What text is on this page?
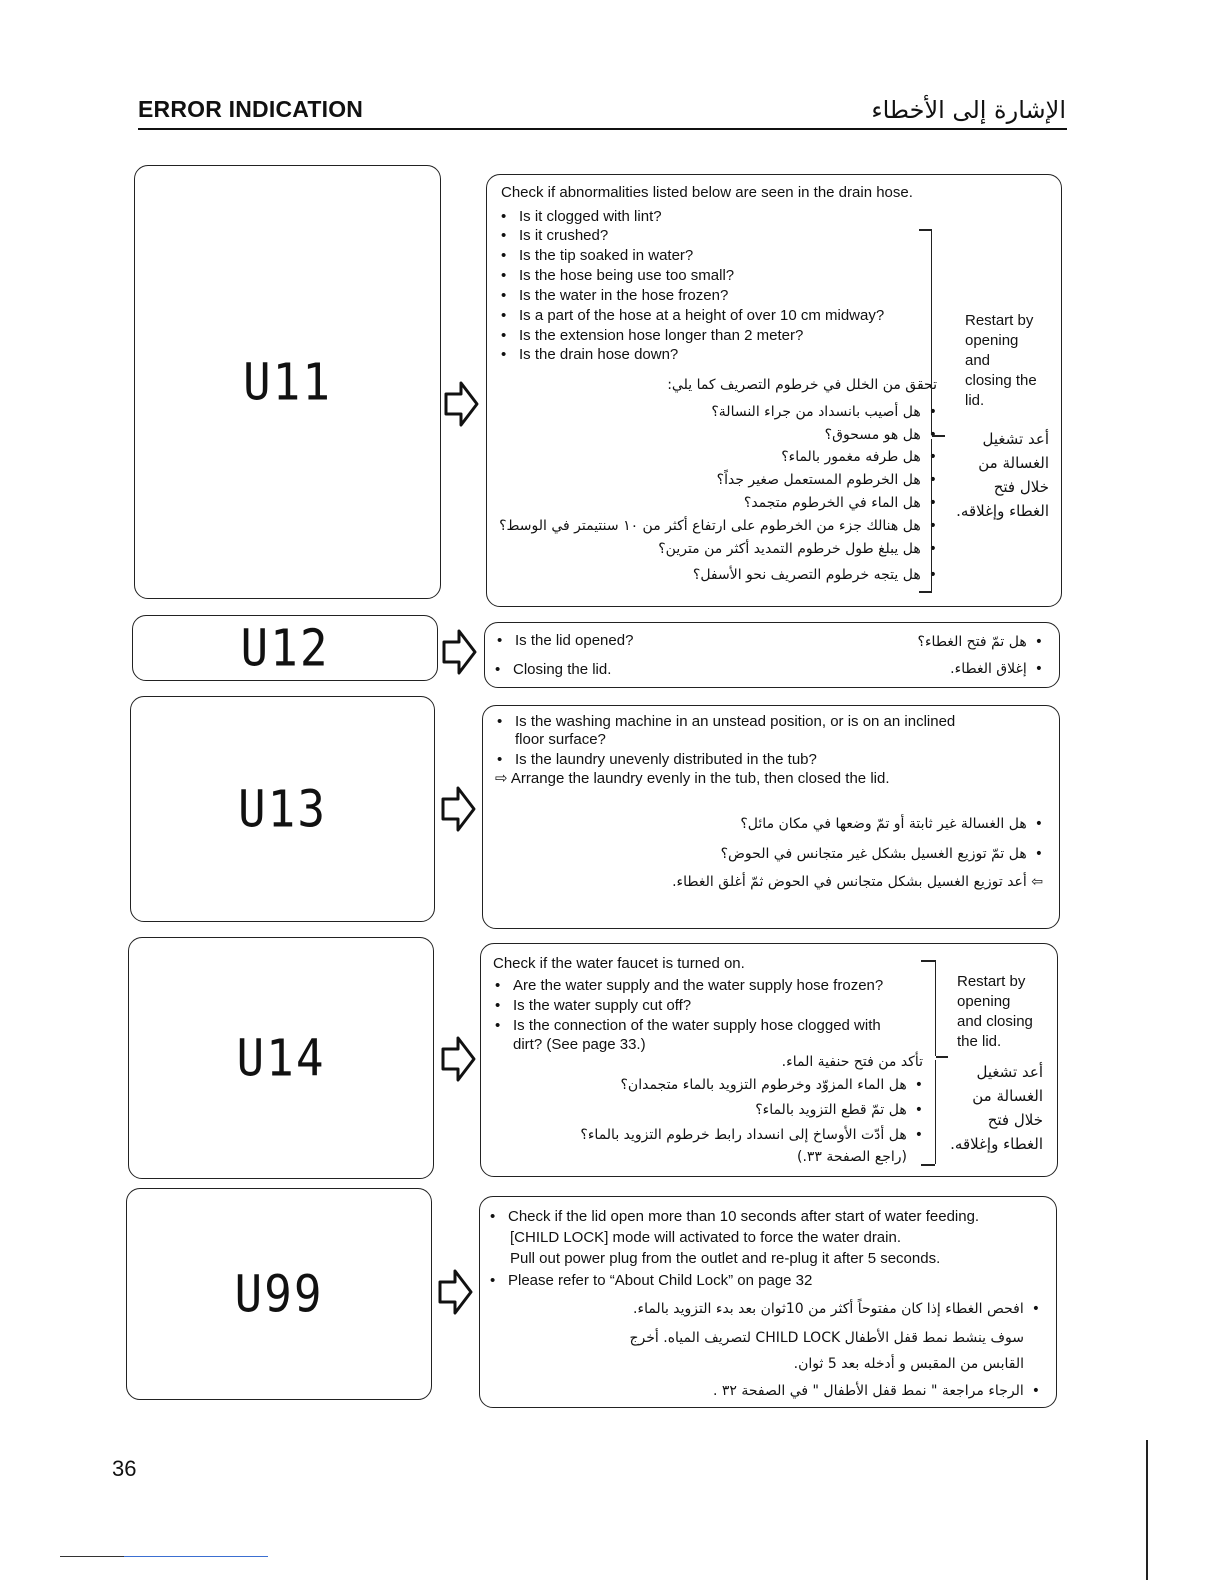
ERROR INDICATION	الإشارة إلى الأخطاء
U11
Check if abnormalities listed below are seen in the drain hose.
• Is it clogged with lint?
• Is it crushed?
• Is the tip soaked in water?
• Is the hose being use too small?
• Is the water in the hose frozen?
• Is a part of the hose at a height of over 10 cm midway?
• Is the extension hose longer than 2 meter?
• Is the drain hose down?
تحقق من الخلل في خرطوم التصريف كما يلي:
• هل أصيب بانسداد من جراء النسالة؟
• هل هو مسحوق؟
• هل طرفه مغمور بالماء؟
• هل الخرطوم المستعمل صغير جداً؟
• هل الماء في الخرطوم متجمد؟
• هل هنالك جزء من الخرطوم على ارتفاع أكثر من ١٠ سنتيمتر في الوسط؟
• هل يبلغ طول خرطوم التمديد أكثر من مترين؟
• هل يتجه خرطوم التصريف نحو الأسفل؟
Restart by
opening
and
closing the
lid.
أعد تشغيل
الغسالة من
خلال فتح
الغطاء وإغلاقه.
U12
•	Is the lid opened?
• Closing the lid.
• هل تمّ فتح الغطاء؟
• إغلاق الغطاء.
U13
• Is the washing machine in an unstead position, or is on an inclined
floor surface?
• Is the laundry unevenly distributed in the tub?
⇨ Arrange the laundry evenly in the tub, then closed the lid.
• هل الغسالة غير ثابتة أو تمّ وضعها في مكان مائل؟
• هل تمّ توزيع الغسيل بشكل غير متجانس في الحوض؟
⇦ أعد توزيع الغسيل بشكل متجانس في الحوض ثمّ أغلق الغطاء.
U14
Check if the water faucet is turned on.
• Are the water supply and the water supply hose frozen?
• Is the water supply cut off?
• Is the connection of the water supply hose clogged with
dirt? (See page 33.)
تأكد من فتح حنفية الماء.
• هل الماء المزوّد وخرطوم التزويد بالماء متجمدان؟
• هل تمّ قطع التزويد بالماء؟
• هل أدّت الأوساخ إلى انسداد رابط خرطوم التزويد بالماء؟
(راجع الصفحة ٣٣.)
Restart by
opening
and closing
the lid.
أعد تشغيل
الغسالة من
خلال فتح
الغطاء وإغلاقه.
U99
• Check if the lid open more than 10 seconds after start of water feeding.
[CHILD LOCK] mode will activated to force the water drain.
Pull out power plug from the outlet and re-plug it after 5 seconds.
• Please refer to “About Child Lock” on page 32
• افحص الغطاء إذا كان مفتوحاً أكثر من 10ثوان بعد بدء التزويد بالماء.
سوف ينشط نمط قفل الأطفال CHILD LOCK لتصريف المياه. أخرج
القابس من المقبس و أدخله بعد 5 ثوان.
• الرجاء مراجعة " نمط قفل الأطفال " في الصفحة ٣٢ .
36
